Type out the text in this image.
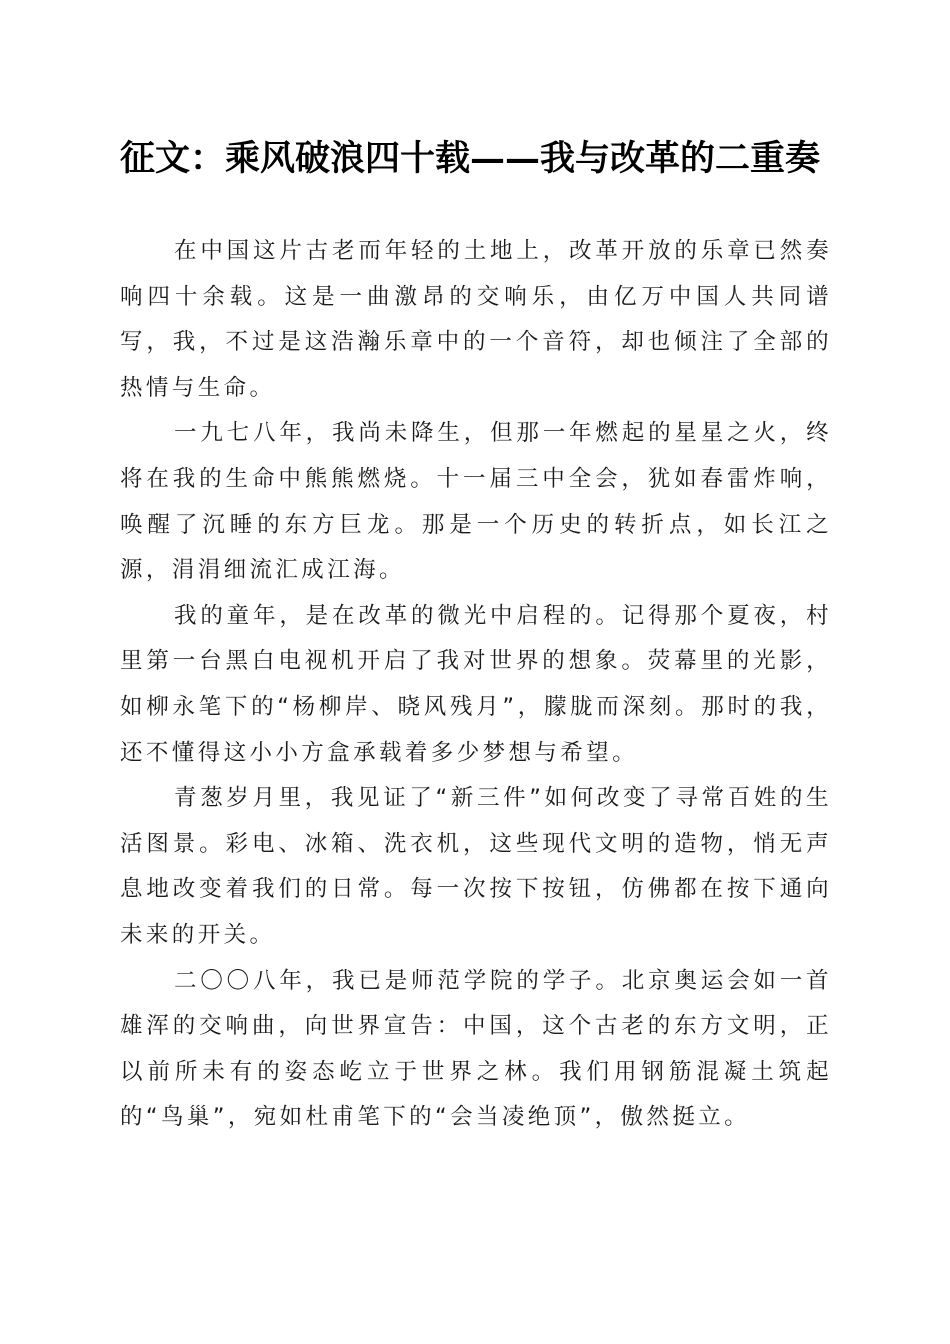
征文：乘风破浪四十载——我与改革的二重奏

在中国这片古老而年轻的土地上，改革开放的乐章已然奏响四十余载。这是一曲激昂的交响乐，由亿万中国人共同谱写，我，不过是这浩瀚乐章中的一个音符，却也倾注了全部的热情与生命。

一九七八年，我尚未降生，但那一年燃起的星星之火，终将在我的生命中熊熊燃烧。十一届三中全会，犹如春雷炸响，唤醒了沉睡的东方巨龙。那是一个历史的转折点，如长江之源，涓涓细流汇成江海。

我的童年，是在改革的微光中启程的。记得那个夏夜，村里第一台黑白电视机开启了我对世界的想象。荧幕里的光影，如柳永笔下的“杨柳岸、晓风残月”，朦胧而深刻。那时的我，还不懂得这小小方盒承载着多少梦想与希望。

青葱岁月里，我见证了“新三件”如何改变了寻常百姓的生活图景。彩电、冰箱、洗衣机，这些现代文明的造物，悄无声息地改变着我们的日常。每一次按下按钮，仿佛都在按下通向未来的开关。

二〇〇八年，我已是师范学院的学子。北京奥运会如一首雄浑的交响曲，向世界宣告：中国，这个古老的东方文明，正以前所未有的姿态屹立于世界之林。我们用钢筋混凝土筑起的“鸟巢”，宛如杜甫笔下的“会当凌绝顶”，傲然挺立。
